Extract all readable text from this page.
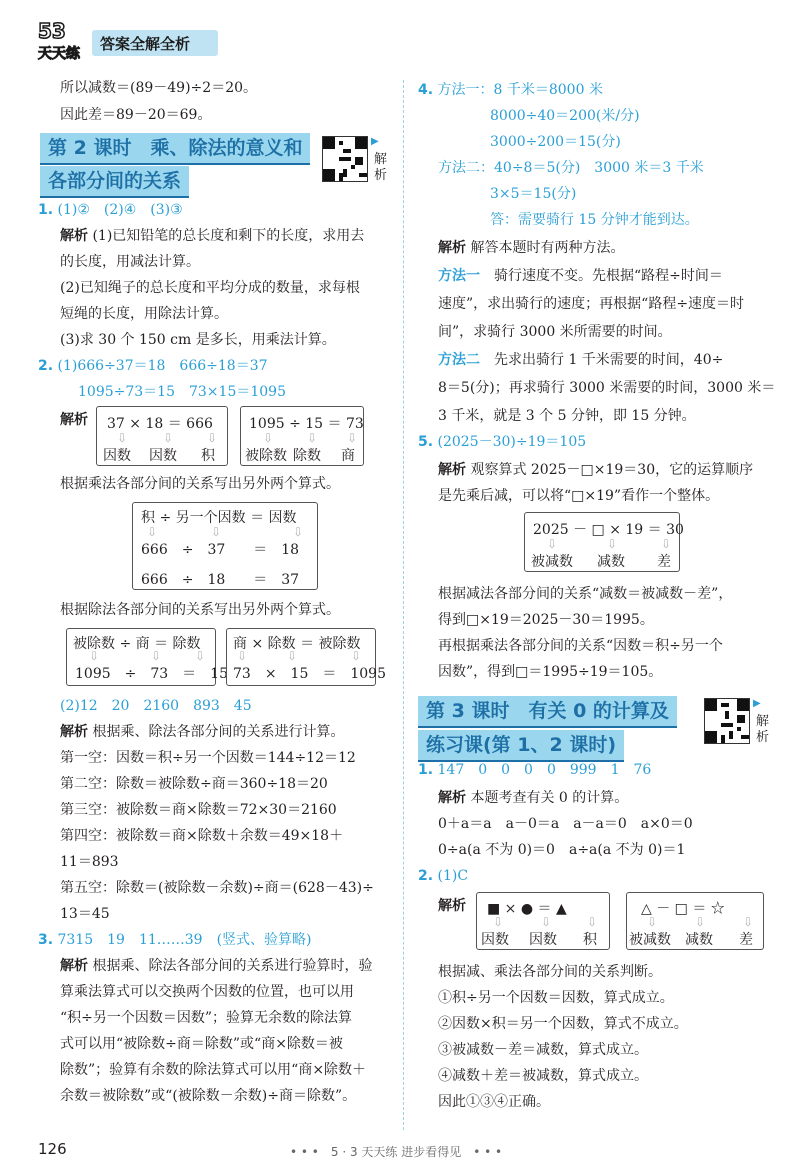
53
天天练
答案全解全析
所以减数＝(89－49)÷2＝20。
因此差＝89－20＝69。
第 2 课时　乘、除法的意义和
各部分间的关系
▶
解析
1. (1)②　(2)④　(3)③
解析 (1)已知铅笔的总长度和剩下的长度，求用去
的长度，用减法计算。
(2)已知绳子的总长度和平均分成的数量，求每根
短绳的长度，用除法计算。
(3)求 30 个 150 cm 是多长，用乘法计算。
2. (1)666÷37＝18　666÷18＝37
1095÷73＝15　73×15＝1095
解析 37 × 18 ＝ 666
⇩	⇩	⇩
因数 因数 积
1095 ÷ 15 ＝ 73
⇩	⇩ ⇩
被除数 除数 商
根据乘法各部分间的关系写出另外两个算式。
积 ÷ 另一个因数 ＝ 因数
⇩	⇩	⇩
666　÷　37　　＝　18
666　÷　18　　＝　37
根据除法各部分间的关系写出另外两个算式。
被除数 ÷ 商 ＝ 除数
⇩	⇩	⇩
1095　÷　73　＝　15
商 × 除数 ＝ 被除数
⇩	⇩	⇩
73　×　15　＝　1095
(2)12　20　2160　893　45
解析 根据乘、除法各部分间的关系进行计算。
第一空：因数＝积÷另一个因数＝144÷12＝12
第二空：除数＝被除数÷商＝360÷18＝20
第三空：被除数＝商×除数＝72×30＝2160
第四空：被除数＝商×除数＋余数＝49×18＋
11＝893
第五空：除数＝(被除数－余数)÷商＝(628－43)÷
13＝45
3. 7315　19　11……39　(竖式、验算略)
解析 根据乘、除法各部分间的关系进行验算时，验
算乘法算式可以交换两个因数的位置，也可以用
“积÷另一个因数＝因数”；验算无余数的除法算
式可以用“被除数÷商＝除数”或“商×除数＝被
除数”；验算有余数的除法算式可以用“商×除数＋
余数＝被除数”或“(被除数－余数)÷商＝除数”。
4. 方法一：8 千米＝8000 米
8000÷40＝200(米/分)
3000÷200＝15(分)
方法二：40÷8＝5(分)　3000 米＝3 千米
3×5＝15(分)
答：需要骑行 15 分钟才能到达。
解析 解答本题时有两种方法。
方法一　 骑行速度不变。先根据“路程÷时间＝
速度”，求出骑行的速度；再根据“路程÷速度＝时
间”，求骑行 3000 米所需要的时间。
方法二　 先求出骑行 1 千米需要的时间，40÷
8＝5(分)；再求骑行 3000 米需要的时间，3000 米＝
3 千米，就是 3 个 5 分钟，即 15 分钟。
5. (2025－30)÷19＝105
解析 观察算式 2025－□×19＝30，它的运算顺序
是先乘后减，可以将“□×19”看作一个整体。
2025 － □ × 19 ＝ 30
⇩	⇩	⇩
被减数 减数 差
根据减法各部分间的关系“减数＝被减数－差”，
得到□×19＝2025－30＝1995。
再根据乘法各部分间的关系“因数＝积÷另一个
因数”，得到□＝1995÷19＝105。
第 3 课时　有关 0 的计算及
练习课(第 1、2 课时)
▶
解析
1. 147　0　0　0　0　999　1　76
解析 本题考查有关 0 的计算。
0＋a＝a　a－0＝a　a－a＝0　a×0＝0
0÷a(a 不为 0)＝0　a÷a(a 不为 0)＝1
2. (1)C
解析 ■ × ● ＝ ▲
⇩	⇩	⇩
因数 因数 积
△ － □ ＝ ☆
⇩	⇩	⇩
被减数 减数 差
根据减、乘法各部分间的关系判断。
①积÷另一个因数＝因数，算式成立。
②因数×积＝另一个因数，算式不成立。
③被减数－差＝减数，算式成立。
④减数＋差＝被减数，算式成立。
因此①③④正确。
126	• • •　5 · 3 天天练 进步看得见　• • •
